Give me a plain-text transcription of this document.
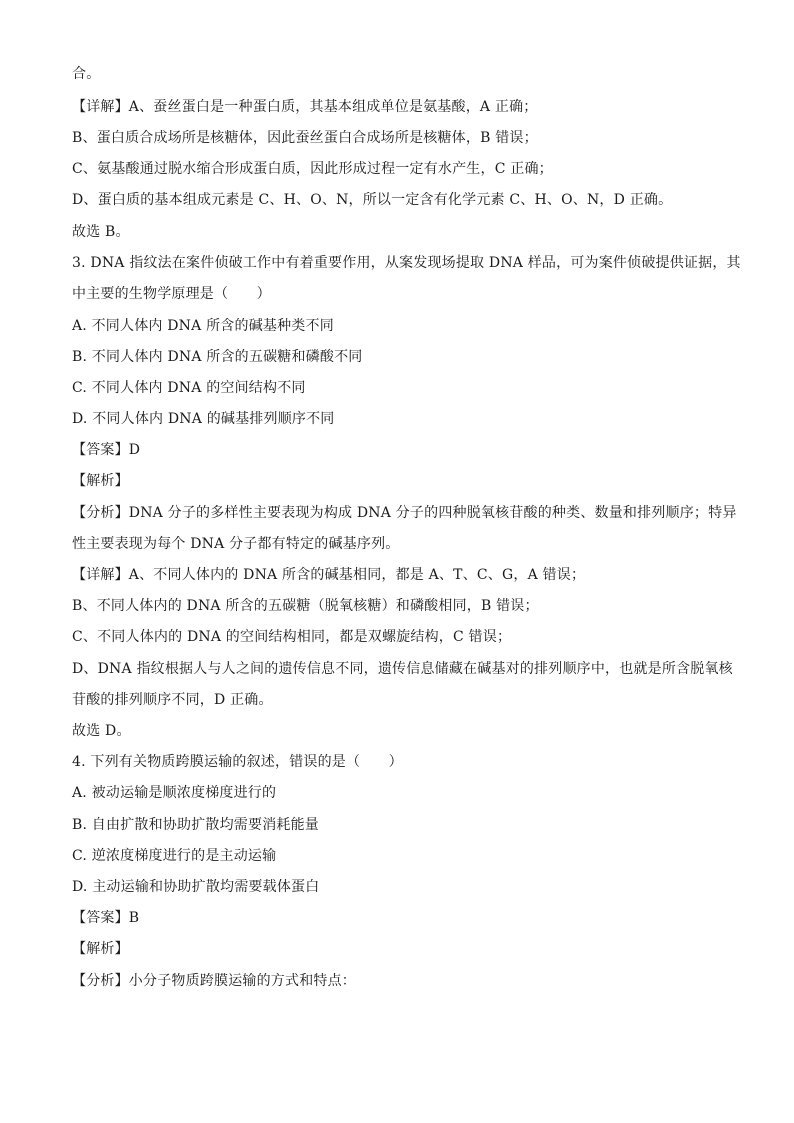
合。
【详解】A、蚕丝蛋白是一种蛋白质，其基本组成单位是氨基酸，A 正确；
B、蛋白质合成场所是核糖体，因此蚕丝蛋白合成场所是核糖体，B 错误；
C、氨基酸通过脱水缩合形成蛋白质，因此形成过程一定有水产生，C 正确；
D、蛋白质的基本组成元素是 C、H、O、N，所以一定含有化学元素 C、H、O、N，D 正确。
故选 B。
3. DNA 指纹法在案件侦破工作中有着重要作用，从案发现场提取 DNA 样品，可为案件侦破提供证据，其
中主要的生物学原理是（　　）
A. 不同人体内 DNA 所含的碱基种类不同
B. 不同人体内 DNA 所含的五碳糖和磷酸不同
C. 不同人体内 DNA 的空间结构不同
D. 不同人体内 DNA 的碱基排列顺序不同
【答案】D
【解析】
【分析】DNA 分子的多样性主要表现为构成 DNA 分子的四种脱氧核苷酸的种类、数量和排列顺序；特异
性主要表现为每个 DNA 分子都有特定的碱基序列。
【详解】A、不同人体内的 DNA 所含的碱基相同，都是 A、T、C、G，A 错误；
B、不同人体内的 DNA 所含的五碳糖（脱氧核糖）和磷酸相同，B 错误；
C、不同人体内的 DNA 的空间结构相同，都是双螺旋结构，C 错误；
D、DNA 指纹根据人与人之间的遗传信息不同，遗传信息储藏在碱基对的排列顺序中，也就是所含脱氧核
苷酸的排列顺序不同，D 正确。
故选 D。
4. 下列有关物质跨膜运输的叙述，错误的是（　　）
A. 被动运输是顺浓度梯度进行的
B. 自由扩散和协助扩散均需要消耗能量
C. 逆浓度梯度进行的是主动运输
D. 主动运输和协助扩散均需要载体蛋白
【答案】B
【解析】
【分析】小分子物质跨膜运输的方式和特点：
